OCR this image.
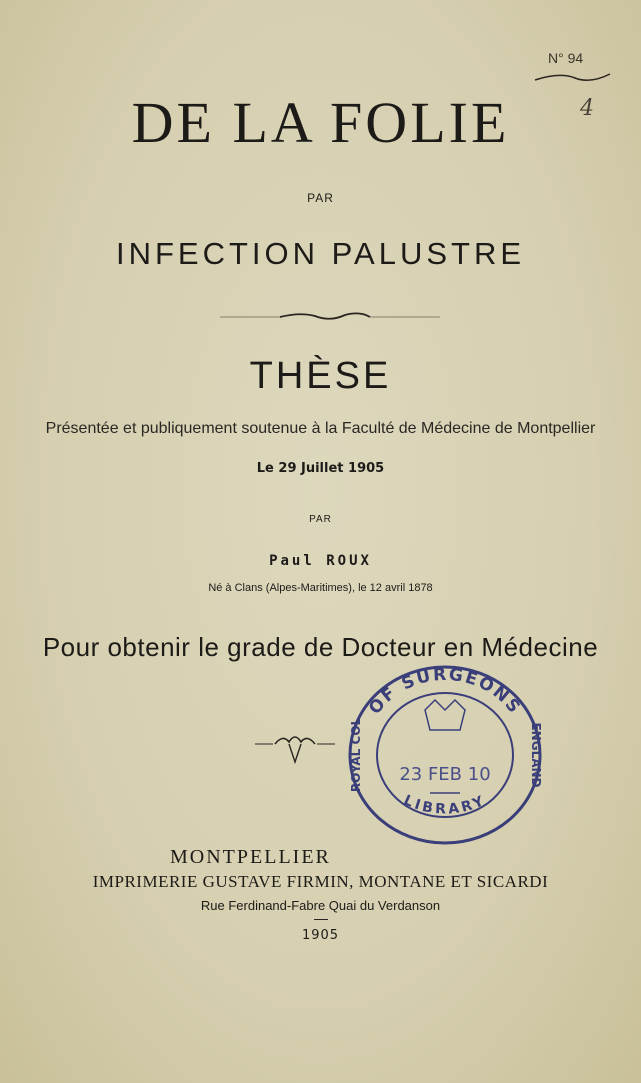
N° 94
4
DE LA FOLIE
PAR
INFECTION PALUSTRE
THÈSE
Présentée et publiquement soutenue à la Faculté de Médecine de Montpellier
Le 29 Juillet 1905
PAR
Paul ROUX
Né à Clans (Alpes-Maritimes), le 12 avril 1878
Pour obtenir le grade de Docteur en Médecine
OF SURGEONS
LIBRARY
ROYAL COL	ENGLAND
23 FEB 10
MONTPELLIER
IMPRIMERIE GUSTAVE FIRMIN, MONTANE ET SICARDI
Rue Ferdinand-Fabre Quai du Verdanson
1905
